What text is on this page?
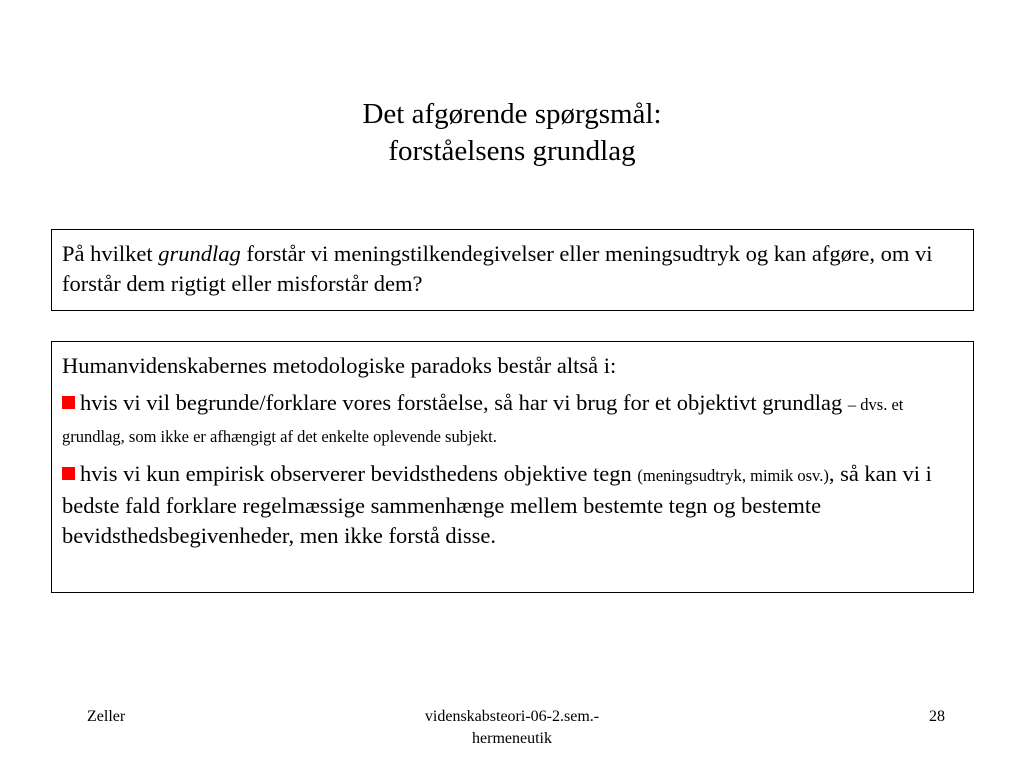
Det afgørende spørgsmål:
forståelsens grundlag

På hvilket grundlag forstår vi meningstilkendegivelser eller meningsudtryk og kan afgøre, om vi forstår dem rigtigt eller misforstår dem?

Humanvidenskabernes metodologiske paradoks består altså i:

hvis vi vil begrunde/forklare vores forståelse, så har vi brug for et objektivt grundlag – dvs. et grundlag, som ikke er afhængigt af det enkelte oplevende subjekt.

hvis vi kun empirisk observerer bevidsthedens objektive tegn (meningsudtryk, mimik osv.), så kan vi i bedste fald forklare regelmæssige sammenhænge mellem bestemte tegn og bestemte bevidsthedsbegivenheder, men ikke forstå disse.

Zeller	videnskabsteori-06-2.sem.-
hermeneutik
28
